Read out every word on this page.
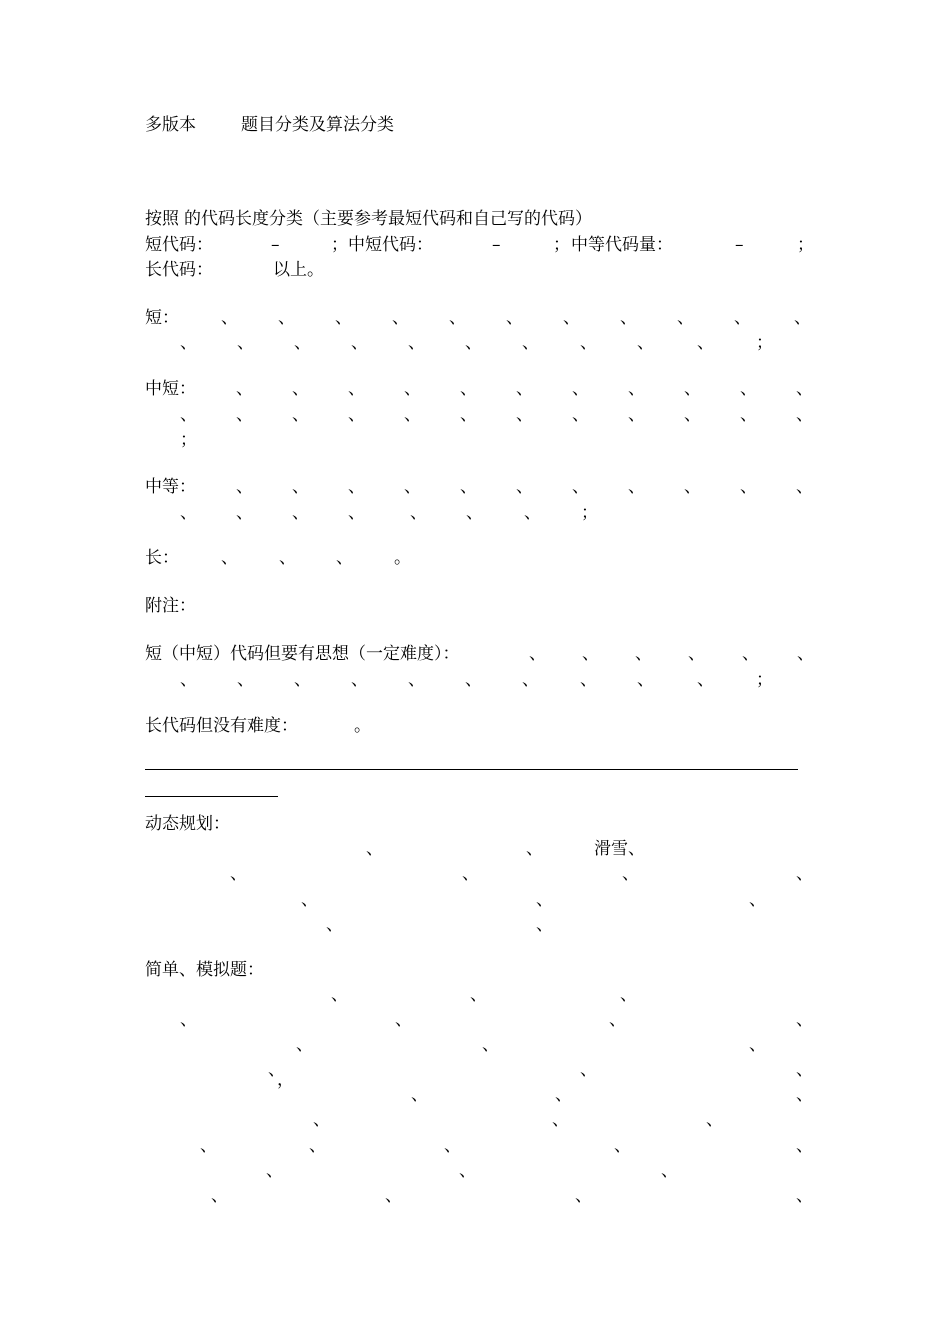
多版本	题目分类及算法分类
按照 的代码长度分类（主要参考最短代码和自己写的代码）
短代码：	–	； 中短代码：	–	； 中等代码量：	–	；
长代码：	以上。
短： 、 、 、 、 、 、 、 、 、 、	、
、 、 、 、 、 、 、 、 、	、 ；
中短： 、 、 、 、 、 、 、 、 、 、 、
、 、 、 、 、 、 、 、 、 、 、 、
；
中等： 、 、 、 、 、 、 、 、 、 、 、
、 、 、 、	、 、 、 ；
长： 、 、 、 。
附注：
短（中短）代码但要有思想（一定难度）：	、 、 、 、 、 、
、 、 、 、 、 、 、 、 、	、 ；
长代码但没有难度：	。
动态规划：
、	、	滑雪、
、	、	、	、
、	、	、
、	、
简单、模拟题：
、	、	、
、	、	、	、
、	、	、
、
，	、	、
、	、	、
、	、	、
、	、	、	、	、
、	、	、
、	、	、	、
